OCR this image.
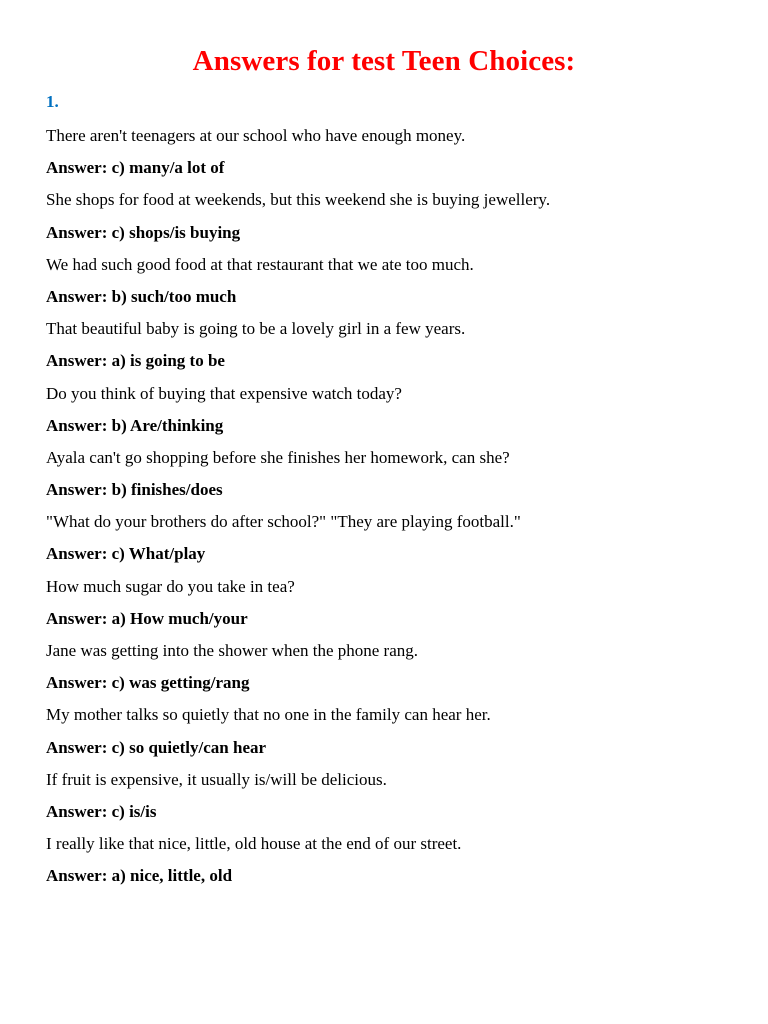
Answers for test Teen Choices:
1.
There aren't teenagers at our school who have enough money.
Answer: c) many/a lot of
She shops for food at weekends, but this weekend she is buying jewellery.
Answer: c) shops/is buying
We had such good food at that restaurant that we ate too much.
Answer: b) such/too much
That beautiful baby is going to be a lovely girl in a few years.
Answer: a) is going to be
Do you think of buying that expensive watch today?
Answer: b) Are/thinking
Ayala can't go shopping before she finishes her homework, can she?
Answer: b) finishes/does
"What do your brothers do after school?" "They are playing football."
Answer: c) What/play
How much sugar do you take in tea?
Answer: a) How much/your
Jane was getting into the shower when the phone rang.
Answer: c) was getting/rang
My mother talks so quietly that no one in the family can hear her.
Answer: c) so quietly/can hear
If fruit is expensive, it usually is/will be delicious.
Answer: c) is/is
I really like that nice, little, old house at the end of our street.
Answer: a) nice, little, old
